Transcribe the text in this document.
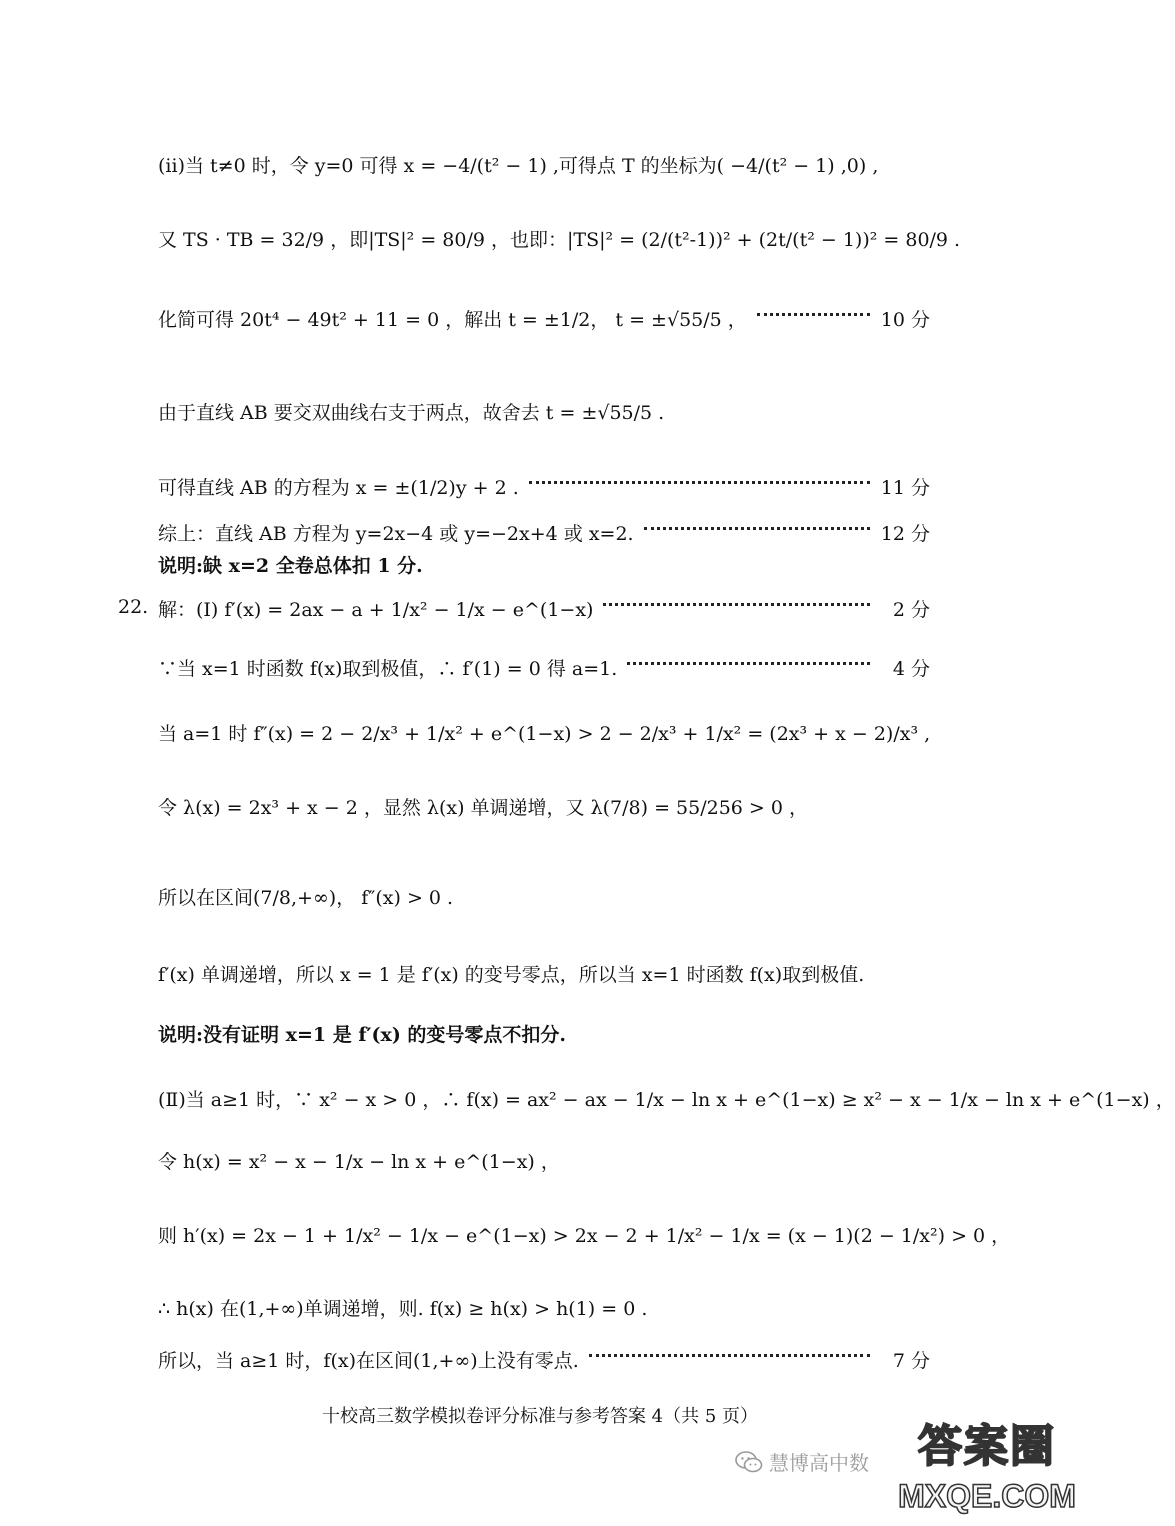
(ii)当 t≠0 时，令 y=0 可得 x = −4/(t² − 1) ,可得点 T 的坐标为( −4/(t² − 1) ,0) ,
又 TS · TB = 32/9 ，即|TS|² = 80/9 ，也即：|TS|² = (2/(t²-1))² + (2t/(t² − 1))² = 80/9 .
化简可得 20t⁴ − 49t² + 11 = 0 ，解出 t = ±1/2， t = ±√55/5 ，	10 分
由于直线 AB 要交双曲线右支于两点，故舍去 t = ±√55/5 .
可得直线 AB 的方程为 x = ±(1/2)y + 2 .	11 分
综上：直线 AB 方程为 y=2x−4 或 y=−2x+4 或 x=2.	12 分
说明:缺 x=2 全卷总体扣 1 分.
22. 解：(Ⅰ) f′(x) = 2ax − a + 1/x² − 1/x − e^(1−x)	2 分
∵当 x=1 时函数 f(x)取到极值，∴ f′(1) = 0 得 a=1.	4 分
当 a=1 时 f″(x) = 2 − 2/x³ + 1/x² + e^(1−x) > 2 − 2/x³ + 1/x² = (2x³ + x − 2)/x³ ,
令 λ(x) = 2x³ + x − 2 ，显然 λ(x) 单调递增，又 λ(7/8) = 55/256 > 0 ，
所以在区间(7/8,+∞)， f″(x) > 0 .
f′(x) 单调递增，所以 x = 1 是 f′(x) 的变号零点，所以当 x=1 时函数 f(x)取到极值.
说明:没有证明 x=1 是 f′(x) 的变号零点不扣分.
(Ⅱ)当 a≥1 时，∵ x² − x > 0 ，∴ f(x) = ax² − ax − 1/x − ln x + e^(1−x) ≥ x² − x − 1/x − ln x + e^(1−x) ，
令 h(x) = x² − x − 1/x − ln x + e^(1−x) ，
则 h′(x) = 2x − 1 + 1/x² − 1/x − e^(1−x) > 2x − 2 + 1/x² − 1/x = (x − 1)(2 − 1/x²) > 0 ，
∴ h(x) 在(1,+∞)单调递增，则. f(x) ≥ h(x) > h(1) = 0 .
所以，当 a≥1 时，f(x)在区间(1,+∞)上没有零点.	7 分
十校高三数学模拟卷评分标准与参考答案 4（共 5 页）
慧博高中数	答案圈
MXQE.COM
